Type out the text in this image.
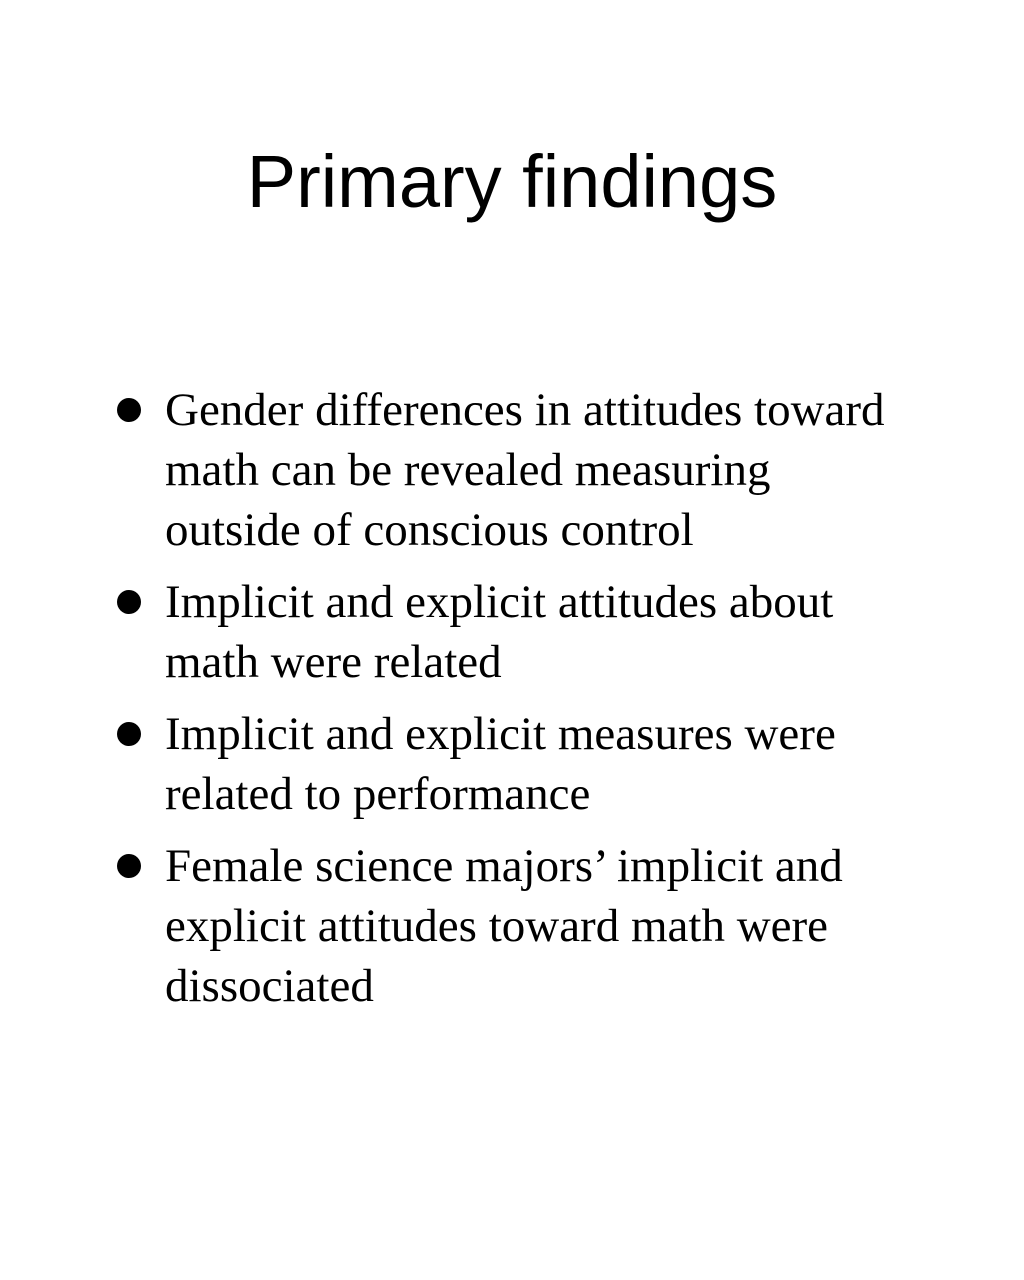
Primary findings
Gender differences in attitudes toward math can be revealed measuring outside of conscious control
Implicit and explicit attitudes about math were related
Implicit and explicit measures were related to performance
Female science majors’ implicit and explicit attitudes toward math were dissociated
